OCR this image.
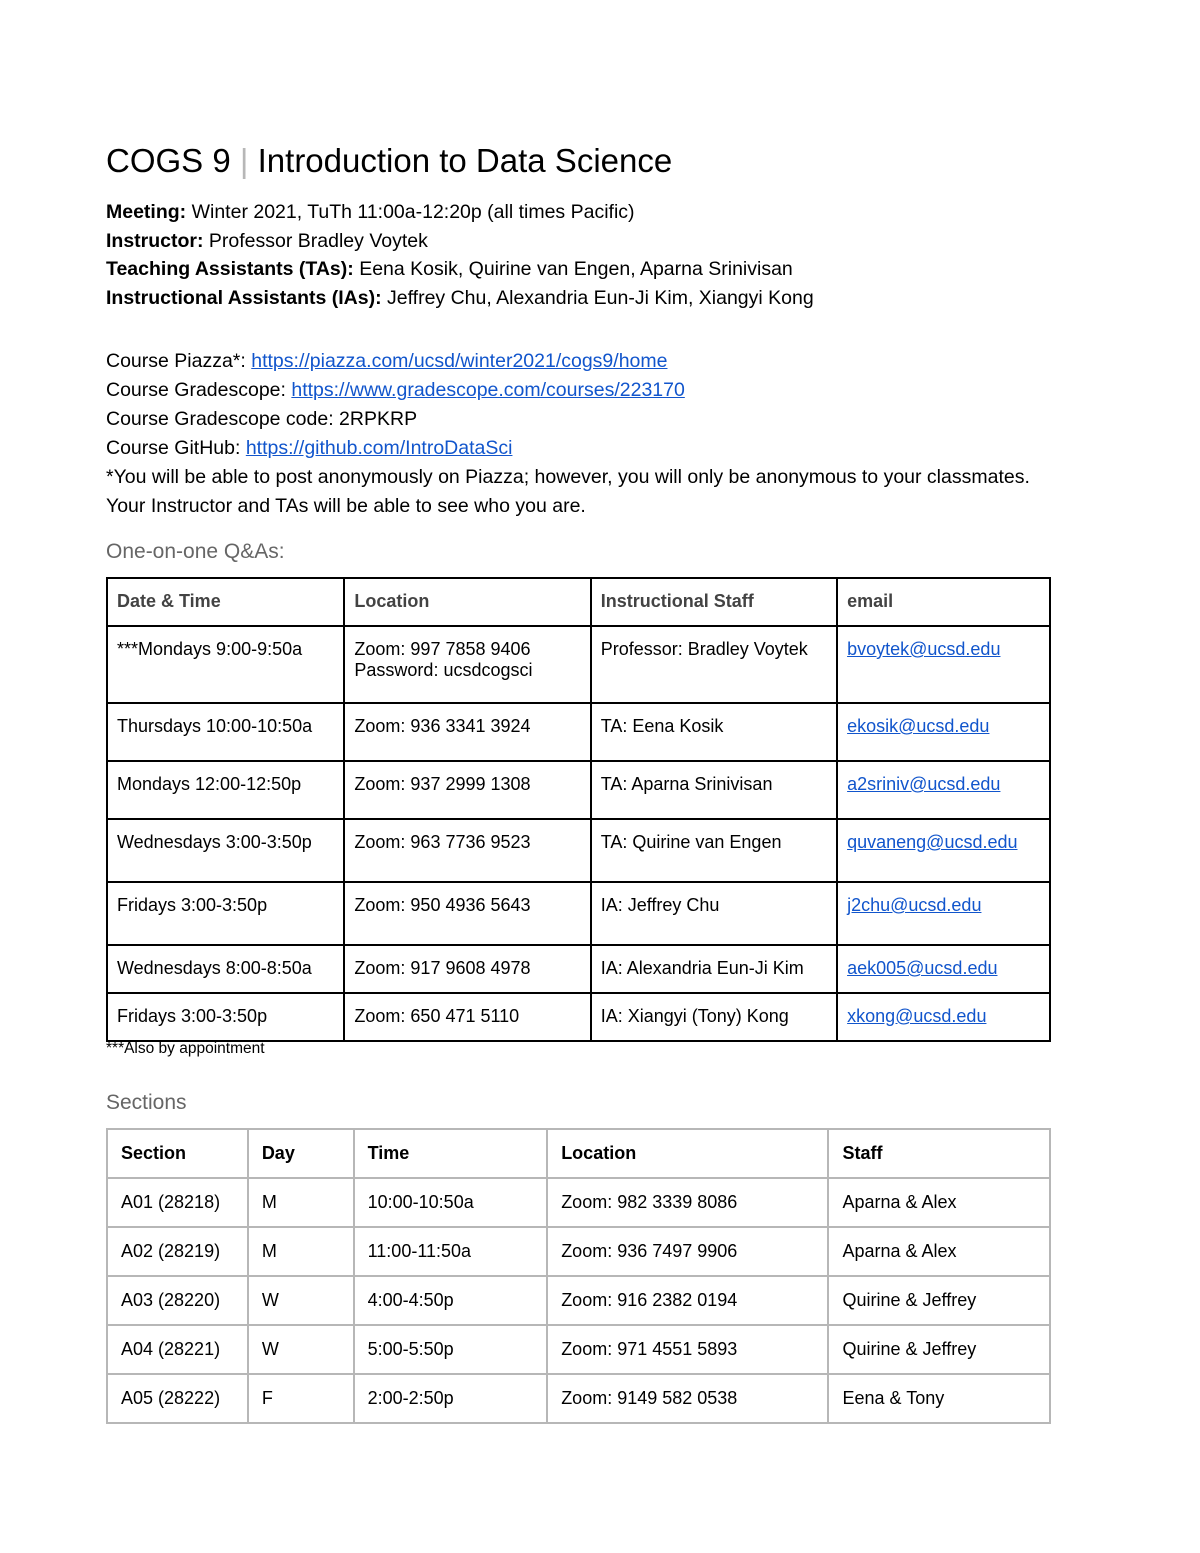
COGS 9 | Introduction to Data Science

Meeting: Winter 2021, TuTh 11:00a-12:20p (all times Pacific)

Instructor: Professor Bradley Voytek

Teaching Assistants (TAs): Eena Kosik, Quirine van Engen, Aparna Srinivisan

Instructional Assistants (IAs): Jeffrey Chu, Alexandria Eun-Ji Kim, Xiangyi Kong

Course Piazza*: https://piazza.com/ucsd/winter2021/cogs9/home

Course Gradescope: https://www.gradescope.com/courses/223170

Course Gradescope code: 2RPKRP

Course GitHub: https://github.com/IntroDataSci

*You will be able to post anonymously on Piazza; however, you will only be anonymous to your classmates. Your Instructor and TAs will be able to see who you are.

One-on-one Q&As:
Date & Time	Location	Instructional Staff	email
***Mondays 9:00-9:50a	Zoom: 997 7858 9406
Password: ucsdcogsci	Professor: Bradley Voytek	bvoytek@ucsd.edu
Thursdays 10:00-10:50a	Zoom: 936 3341 3924	TA: Eena Kosik	ekosik@ucsd.edu
Mondays 12:00-12:50p	Zoom: 937 2999 1308	TA: Aparna Srinivisan	a2sriniv@ucsd.edu
Wednesdays 3:00-3:50p	Zoom: 963 7736 9523	TA: Quirine van Engen	quvaneng@ucsd.edu
Fridays 3:00-3:50p	Zoom: 950 4936 5643	IA: Jeffrey Chu	j2chu@ucsd.edu
Wednesdays 8:00-8:50a	Zoom: 917 9608 4978	IA: Alexandria Eun-Ji Kim	aek005@ucsd.edu
Fridays 3:00-3:50p	Zoom: 650 471 5110	IA: Xiangyi (Tony) Kong	xkong@ucsd.edu
***Also by appointment
Sections
Section	Day	Time	Location	Staff
A01 (28218)	M	10:00-10:50a	Zoom: 982 3339 8086	Aparna & Alex
A02 (28219)	M	11:00-11:50a	Zoom: 936 7497 9906	Aparna & Alex
A03 (28220)	W	4:00-4:50p	Zoom: 916 2382 0194	Quirine & Jeffrey
A04 (28221)	W	5:00-5:50p	Zoom: 971 4551 5893	Quirine & Jeffrey
A05 (28222)	F	2:00-2:50p	Zoom: 9149 582 0538	Eena & Tony
